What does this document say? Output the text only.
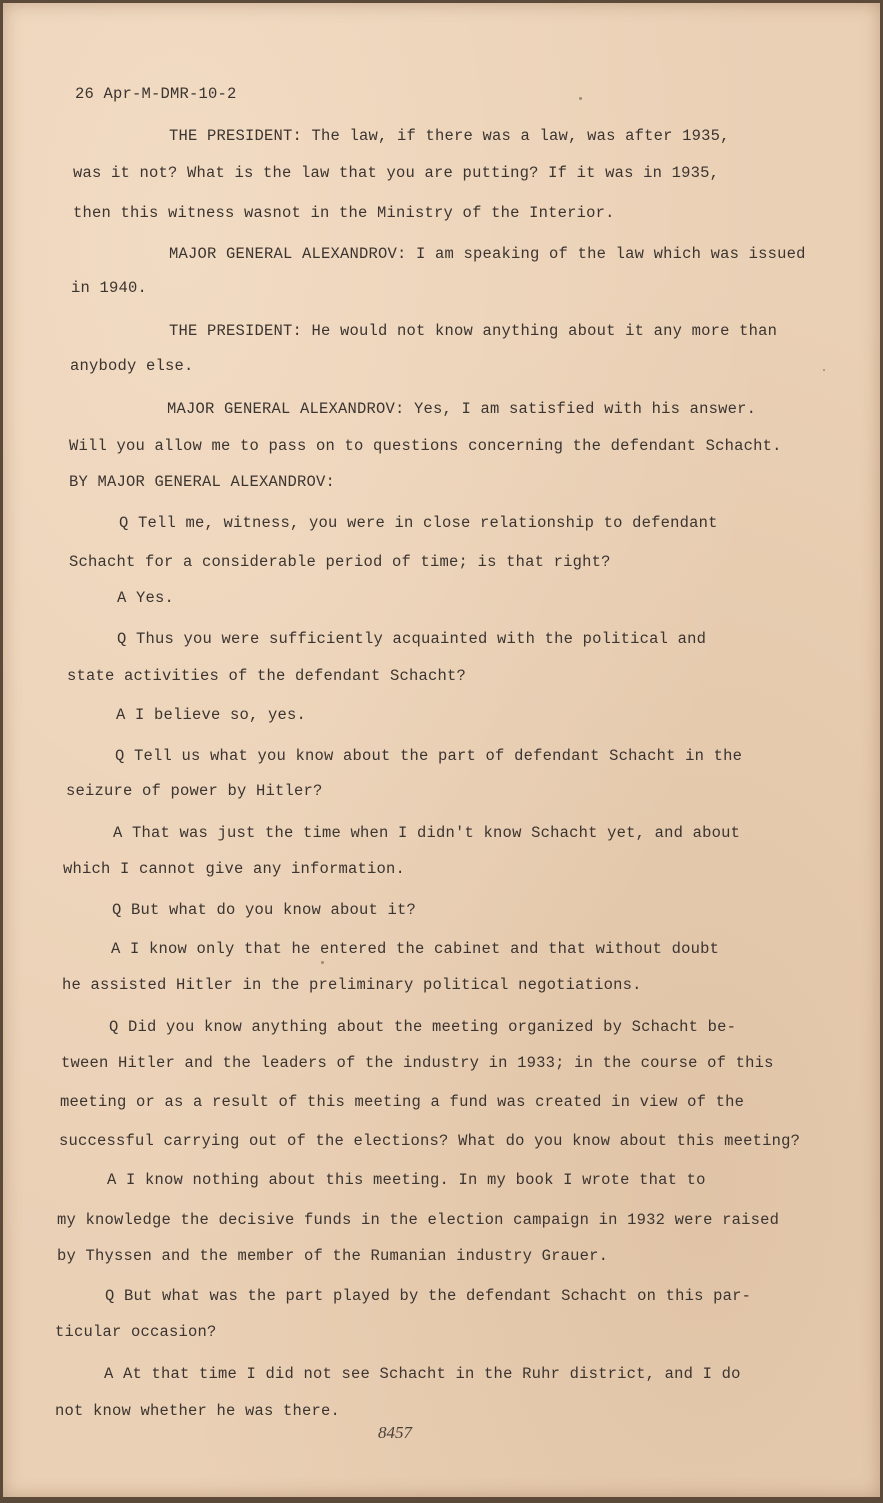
26 Apr-M-DMR-10-2
THE PRESIDENT: The law, if there was a law, was after 1935,
was it not? What is the law that you are putting? If it was in 1935,
then this witness wasnot in the Ministry of the Interior.
MAJOR GENERAL ALEXANDROV: I am speaking of the law which was issued
in 1940.
THE PRESIDENT: He would not know anything about it any more than
anybody else.
MAJOR GENERAL ALEXANDROV: Yes, I am satisfied with his answer.
Will you allow me to pass on to questions concerning the defendant Schacht.
BY MAJOR GENERAL ALEXANDROV:
Q Tell me, witness, you were in close relationship to defendant
Schacht for a considerable period of time; is that right?
A Yes.
Q Thus you were sufficiently acquainted with the political and
state activities of the defendant Schacht?
A I believe so, yes.
Q Tell us what you know about the part of defendant Schacht in the
seizure of power by Hitler?
A That was just the time when I didn't know Schacht yet, and about
which I cannot give any information.
Q But what do you know about it?
A I know only that he entered the cabinet and that without doubt
he assisted Hitler in the preliminary political negotiations.
Q Did you know anything about the meeting organized by Schacht be-
tween Hitler and the leaders of the industry in 1933; in the course of this
meeting or as a result of this meeting a fund was created in view of the
successful carrying out of the elections? What do you know about this meeting?
A I know nothing about this meeting. In my book I wrote that to
my knowledge the decisive funds in the election campaign in 1932 were raised
by Thyssen and the member of the Rumanian industry Grauer.
Q But what was the part played by the defendant Schacht on this par-
ticular occasion?
A At that time I did not see Schacht in the Ruhr district, and I do
not know whether he was there.
8457
